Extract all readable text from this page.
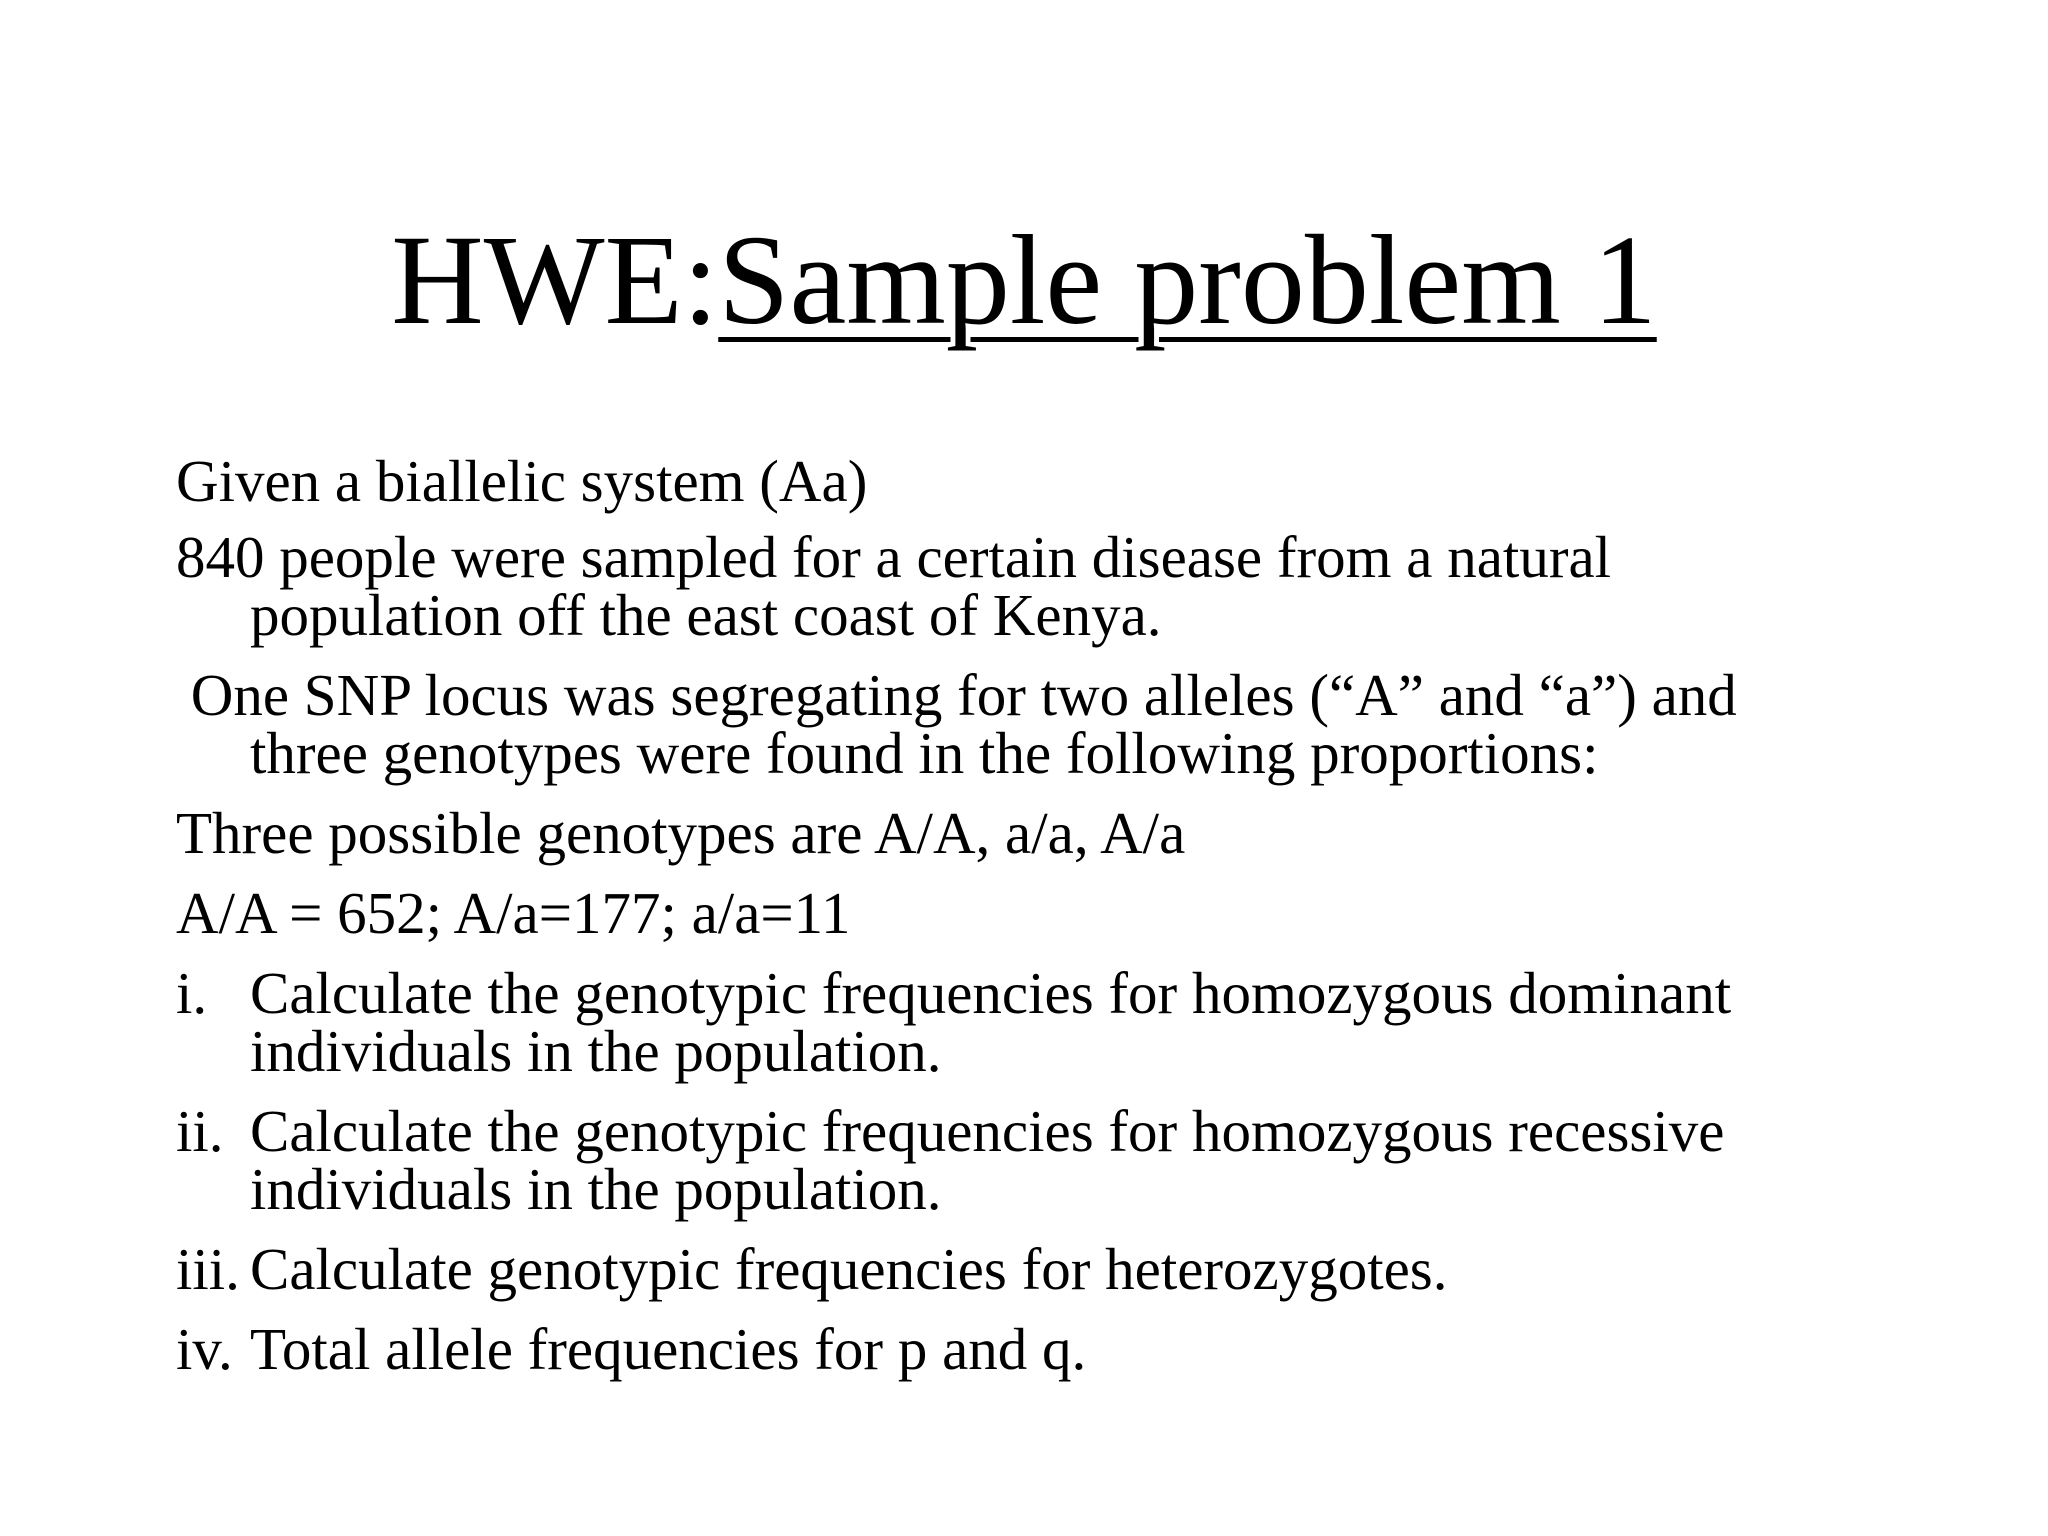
HWE:Sample problem 1
Given a biallelic system (Aa)
840 people were sampled for a certain disease from a natural
population off the east coast of Kenya.
One SNP locus was segregating for two alleles (“A” and “a”) and
three genotypes were found in the following proportions:
Three possible genotypes are A/A, a/a, A/a
A/A = 652; A/a=177; a/a=11
i. Calculate the genotypic frequencies for homozygous dominant
individuals in the population.
ii. Calculate the genotypic frequencies for homozygous recessive
individuals in the population.
iii. Calculate genotypic frequencies for heterozygotes.
iv. Total allele frequencies for p and q.
